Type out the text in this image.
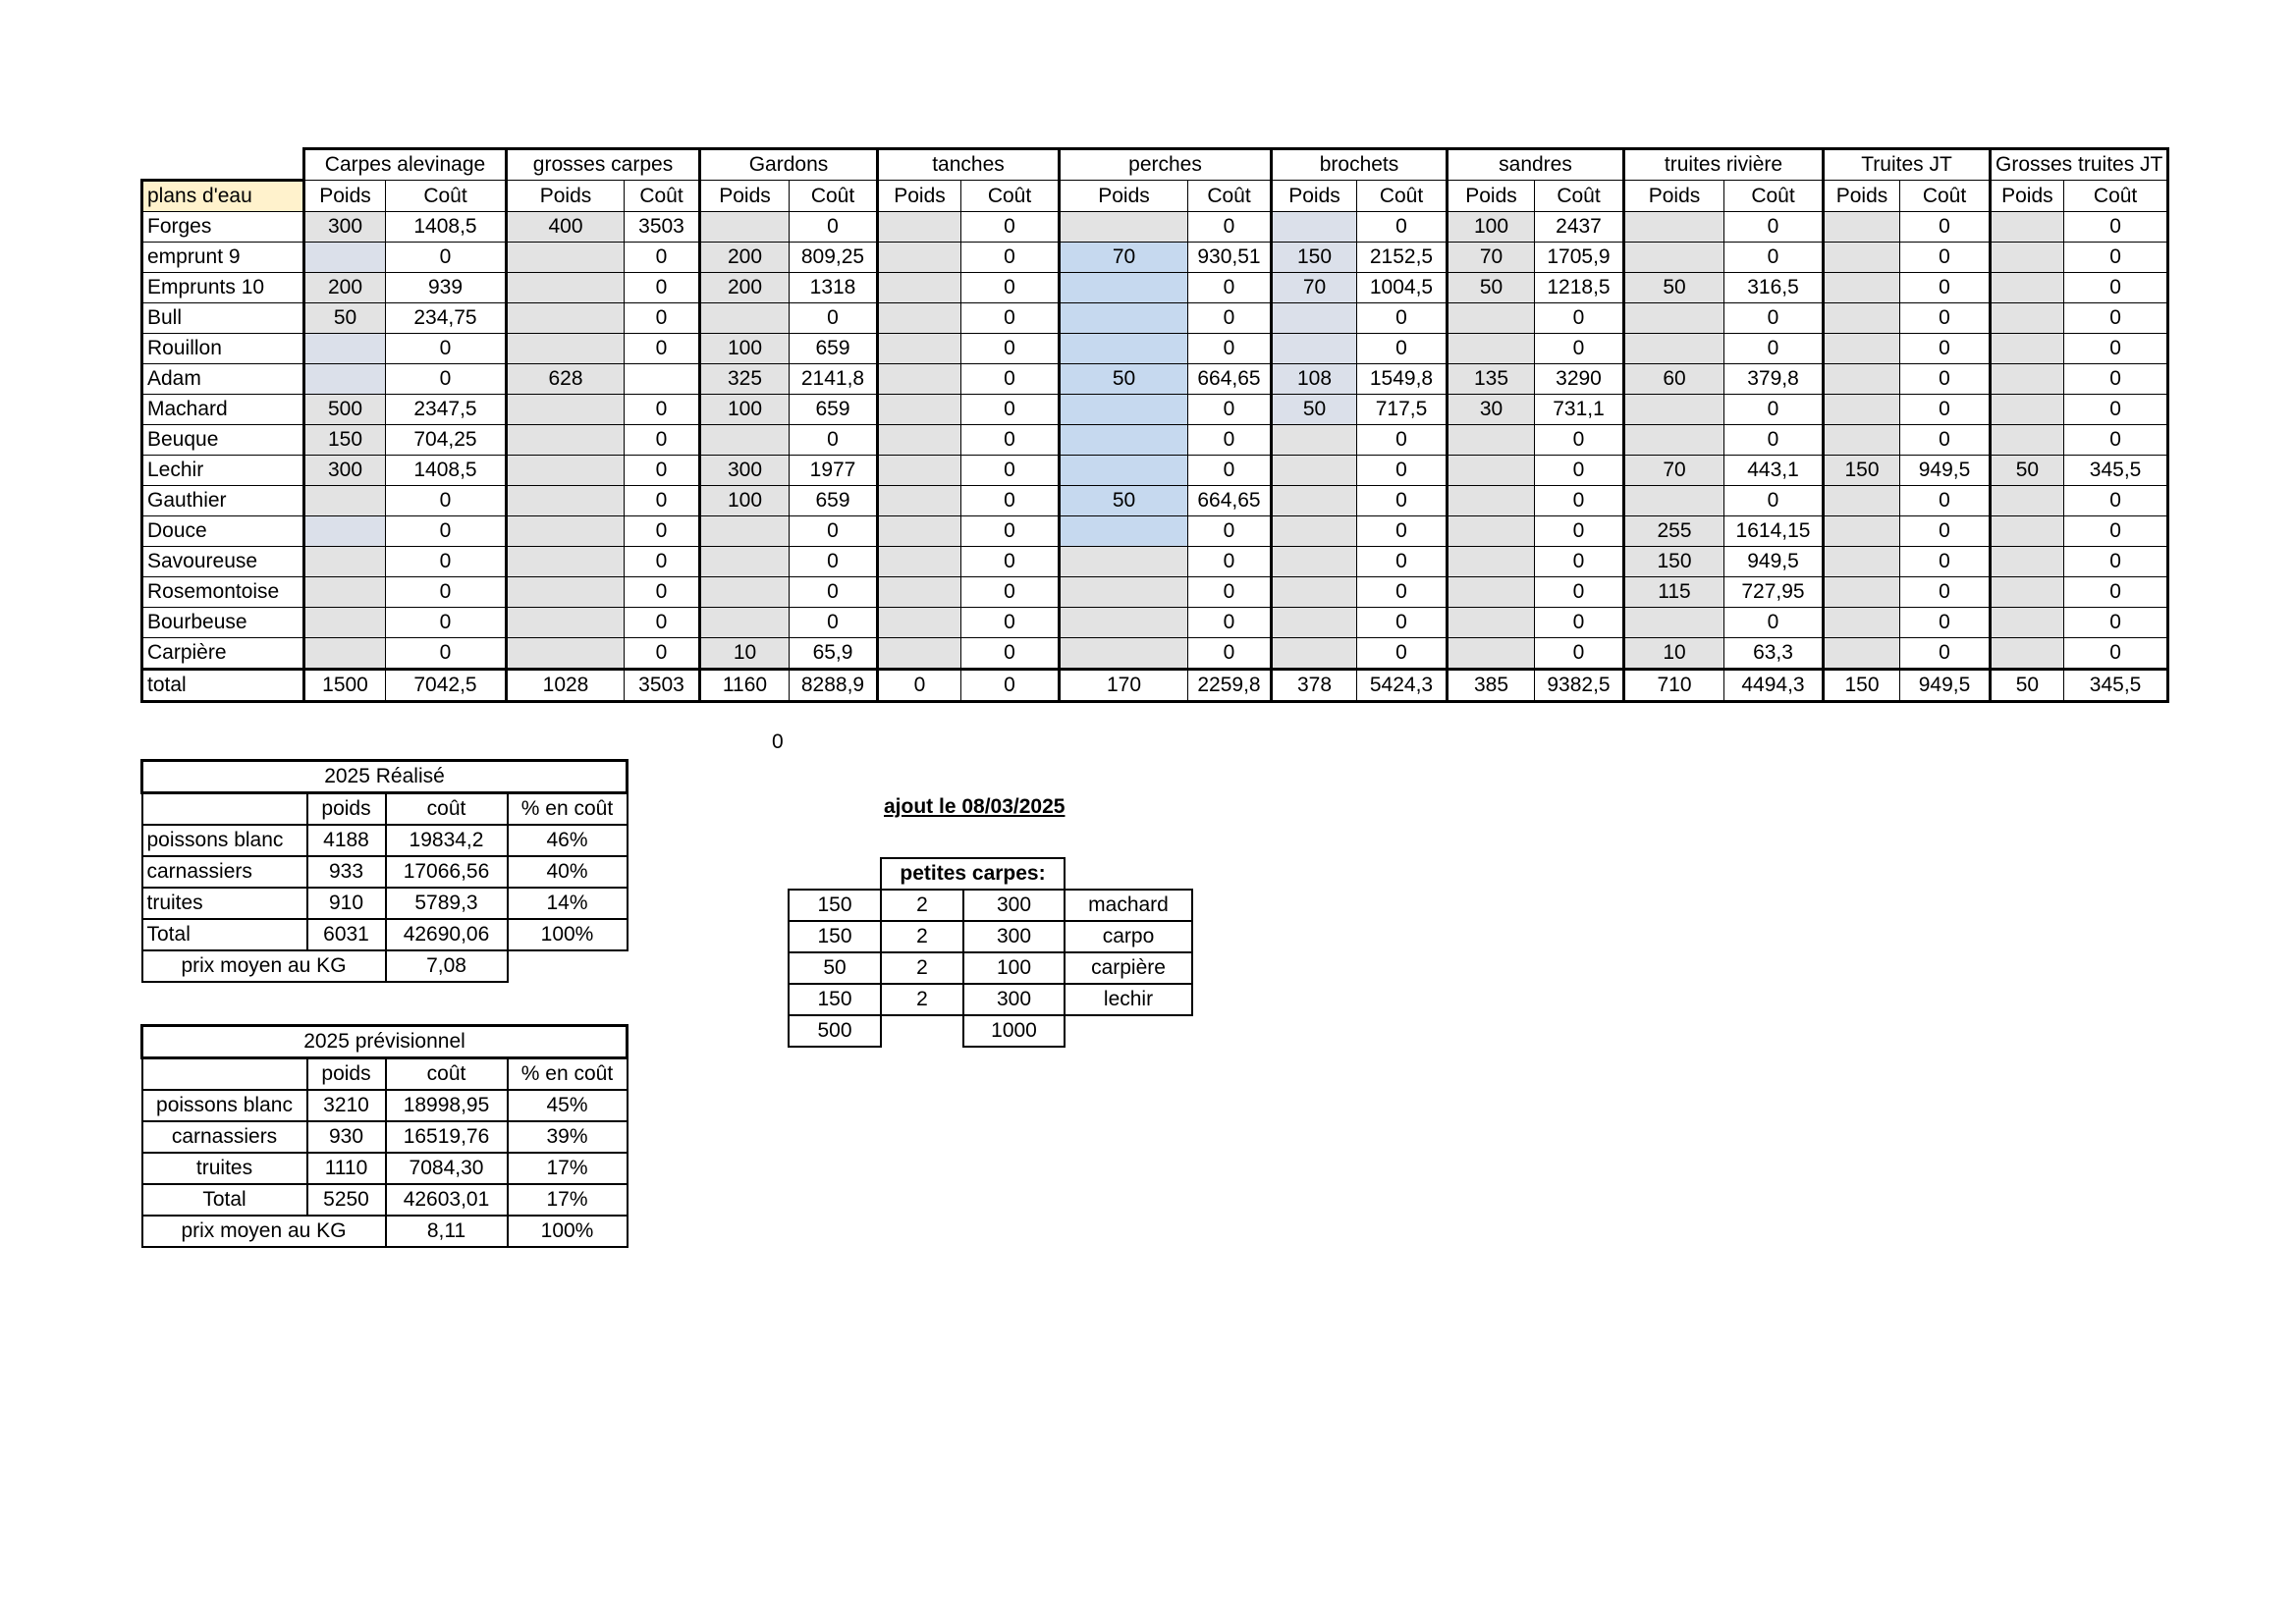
	Carpes alevinage		grosses carpes		Gardons		tanches		perches		brochets		sandres		truites rivière		Truites JT		Grosses truites JT	
plans d'eau	Poids	Coût	Poids	Coût	Poids	Coût	Poids	Coût	Poids	Coût	Poids	Coût	Poids	Coût	Poids	Coût	Poids	Coût	Poids	Coût
Forges	300	1408,5	400	3503		0		0		0		0	100	2437		0		0		0
emprunt 9		0		0	200	809,25		0	70	930,51	150	2152,5	70	1705,9		0		0		0
Emprunts 10	200	939		0	200	1318		0		0	70	1004,5	50	1218,5	50	316,5		0		0
Bull	50	234,75		0		0		0		0		0		0		0		0		0
Rouillon		0		0	100	659		0		0		0		0		0		0		0
Adam		0	628		325	2141,8		0	50	664,65	108	1549,8	135	3290	60	379,8		0		0
Machard	500	2347,5		0	100	659		0		0	50	717,5	30	731,1		0		0		0
Beuque	150	704,25		0		0		0		0		0		0		0		0		0
Lechir	300	1408,5		0	300	1977		0		0		0		0	70	443,1	150	949,5	50	345,5
Gauthier		0		0	100	659		0	50	664,65		0		0		0		0		0
Douce		0		0		0		0		0		0		0	255	1614,15		0		0
Savoureuse		0		0		0		0		0		0		0	150	949,5		0		0
Rosemontoise		0		0		0		0		0		0		0	115	727,95		0		0
Bourbeuse		0		0		0		0		0		0		0		0		0		0
Carpière		0		0	10	65,9		0		0		0		0	10	63,3		0		0
total	1500	7042,5	1028	3503	1160	8288,9	0	0	170	2259,8	378	5424,3	385	9382,5	710	4494,3	150	949,5	50	345,5
0
2025 Réalisé			
	poids	coût	% en coût
poissons blanc	4188	19834,2	46%
carnassiers	933	17066,56	40%
truites	910	5789,3	14%
Total	6031	42690,06	100%
prix moyen au KG		7,08	
2025 prévisionnel			
	poids	coût	% en coût
poissons blanc	3210	18998,95	45%
carnassiers	930	16519,76	39%
truites	1110	7084,30	17%
Total	5250	42603,01	17%
prix moyen au KG		8,11	100%
ajout le 08/03/2025
	petites carpes:		
150	2	300	machard
150	2	300	carpo
50	2	100	carpière
150	2	300	lechir
500		1000	
